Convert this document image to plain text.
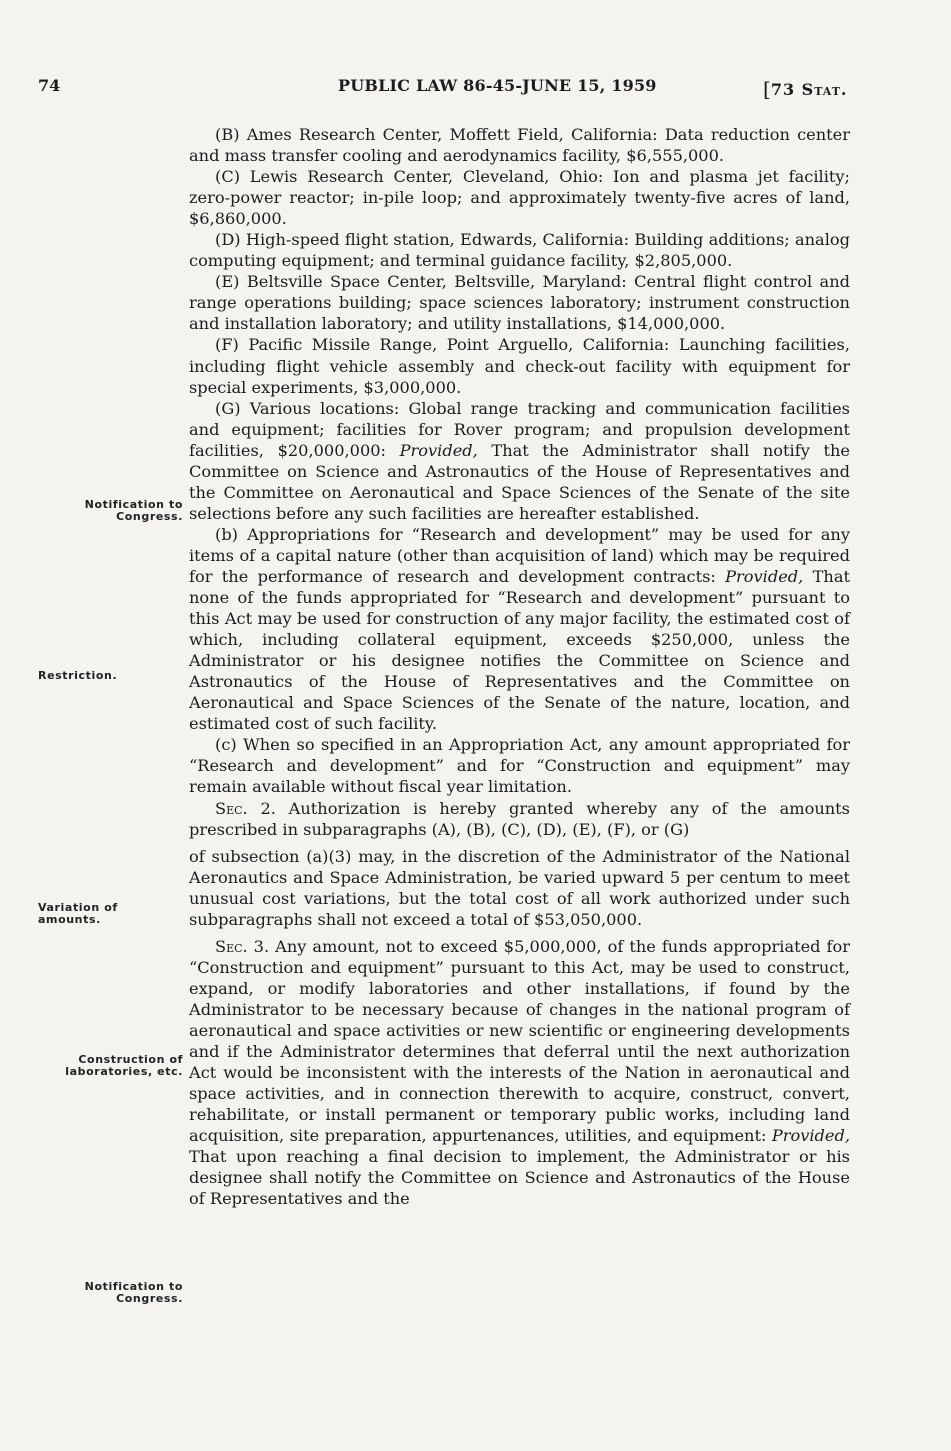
74	PUBLIC LAW 86-45-JUNE 15, 1959	[73 Stat.
Notification to Congress.
Restriction.
Variation of amounts.
Construction of laboratories, etc.
Notification to Congress.

(B) Ames Research Center, Moffett Field, California: Data reduction center and mass transfer cooling and aerodynamics facility, $6,555,000.

(C) Lewis Research Center, Cleveland, Ohio: Ion and plasma jet facility; zero-power reactor; in-pile loop; and approximately twenty-five acres of land, $6,860,000.

(D) High-speed flight station, Edwards, California: Building additions; analog computing equipment; and terminal guidance facility, $2,805,000.

(E) Beltsville Space Center, Beltsville, Maryland: Central flight control and range operations building; space sciences laboratory; instrument construction and installation laboratory; and utility installations, $14,000,000.

(F) Pacific Missile Range, Point Arguello, California: Launching facilities, including flight vehicle assembly and check-out facility with equipment for special experiments, $3,000,000.

(G) Various locations: Global range tracking and communication facilities and equipment; facilities for Rover program; and propulsion development facilities, $20,000,000: Provided, That the Administrator shall notify the Committee on Science and Astronautics of the House of Representatives and the Committee on Aeronautical and Space Sciences of the Senate of the site selections before any such facilities are hereafter established.

(b) Appropriations for “Research and development” may be used for any items of a capital nature (other than acquisition of land) which may be required for the performance of research and development contracts: Provided, That none of the funds appropriated for “Research and development” pursuant to this Act may be used for construction of any major facility, the estimated cost of which, including collateral equipment, exceeds $250,000, unless the Administrator or his designee notifies the Committee on Science and Astronautics of the House of Representatives and the Committee on Aeronautical and Space Sciences of the Senate of the nature, location, and estimated cost of such facility.

(c) When so specified in an Appropriation Act, any amount appropriated for “Research and development” and for “Construction and equipment” may remain available without fiscal year limitation.

Sec. 2. Authorization is hereby granted whereby any of the amounts prescribed in subparagraphs (A), (B), (C), (D), (E), (F), or (G)

of subsection (a)(3) may, in the discretion of the Administrator of the National Aeronautics and Space Administration, be varied upward 5 per centum to meet unusual cost variations, but the total cost of all work authorized under such subparagraphs shall not exceed a total of $53,050,000.

Sec. 3. Any amount, not to exceed $5,000,000, of the funds appropriated for “Construction and equipment” pursuant to this Act, may be used to construct, expand, or modify laboratories and other installations, if found by the Administrator to be necessary because of changes in the national program of aeronautical and space activities or new scientific or engineering developments and if the Administrator determines that deferral until the next authorization Act would be inconsistent with the interests of the Nation in aeronautical and space activities, and in connection therewith to acquire, construct, convert, rehabilitate, or install permanent or temporary public works, including land acquisition, site preparation, appurtenances, utilities, and equipment: Provided, That upon reaching a final decision to implement, the Administrator or his designee shall notify the Committee on Science and Astronautics of the House of Representatives and the
